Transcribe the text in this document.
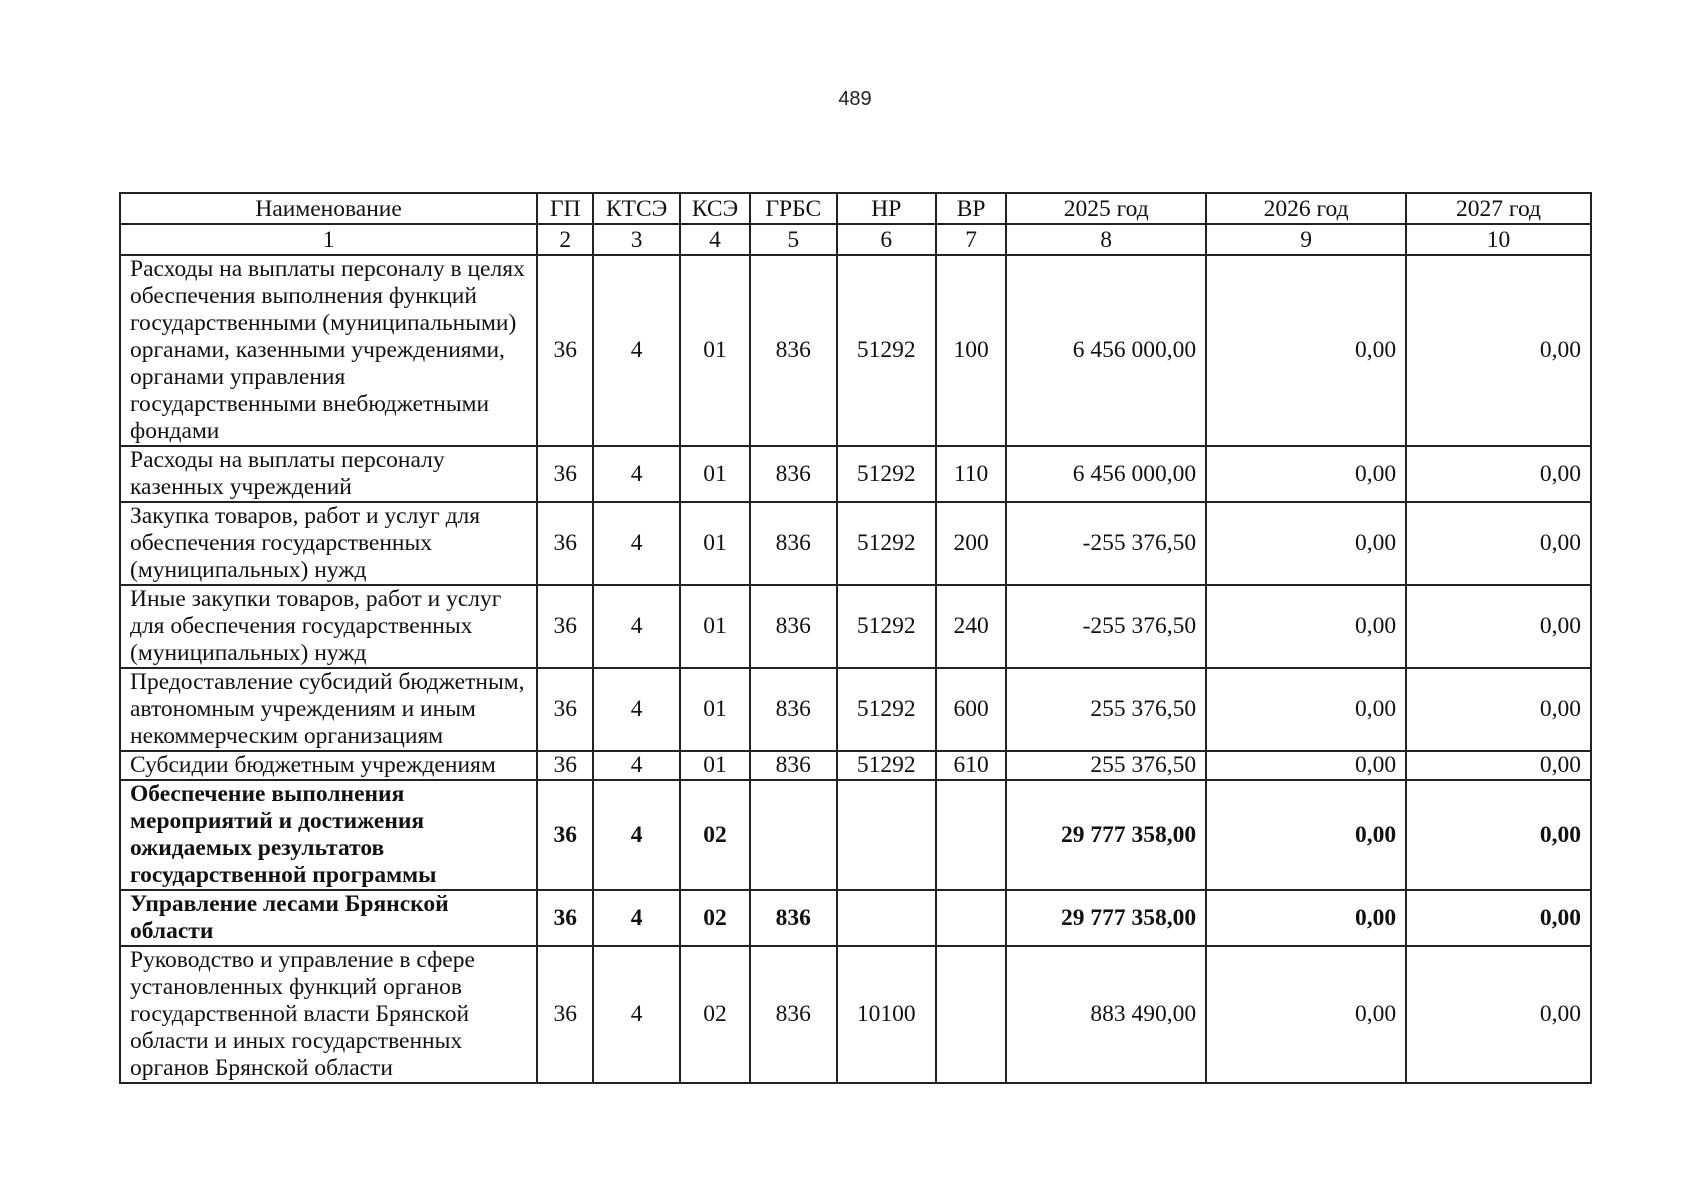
489
Наименование	ГП	КТСЭ	КСЭ	ГРБС	НР	ВР	2025 год	2026 год	2027 год
1	2	3	4	5	6	7	8	9	10
Расходы на выплаты персоналу в целях обеспечения выполнения функций государственными (муниципальными) органами, казенными учреждениями, органами управления государственными внебюджетными фондами	36	4	01	836	51292	100	6 456 000,00	0,00	0,00
Расходы на выплаты персоналу казенных учреждений	36	4	01	836	51292	110	6 456 000,00	0,00	0,00
Закупка товаров, работ и услуг для обеспечения государственных (муниципальных) нужд	36	4	01	836	51292	200	-255 376,50	0,00	0,00
Иные закупки товаров, работ и услуг для обеспечения государственных (муниципальных) нужд	36	4	01	836	51292	240	-255 376,50	0,00	0,00
Предоставление субсидий бюджетным, автономным учреждениям и иным некоммерческим организациям	36	4	01	836	51292	600	255 376,50	0,00	0,00
Субсидии бюджетным учреждениям	36	4	01	836	51292	610	255 376,50	0,00	0,00
Обеспечение выполнения мероприятий и достижения ожидаемых результатов государственной программы	36	4	02				29 777 358,00	0,00	0,00
Управление лесами Брянской области	36	4	02	836			29 777 358,00	0,00	0,00
Руководство и управление в сфере установленных функций органов государственной власти Брянской области и иных государственных органов Брянской области	36	4	02	836	10100		883 490,00	0,00	0,00
